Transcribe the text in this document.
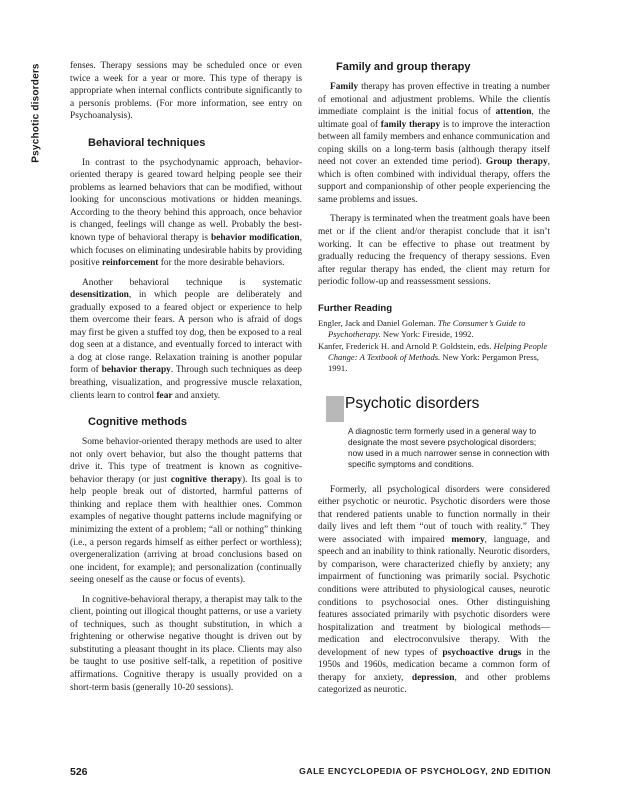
Psychotic disorders	fenses. Therapy sessions may be scheduled once or even twice a week for a year or more. This type of therapy is appropriate when internal conflicts contribute significantly to a personís problems. (For more information, see entry on Psychoanalysis).

Behavioral techniques

In contrast to the psychodynamic approach, behavior-oriented therapy is geared toward helping people see their problems as learned behaviors that can be modified, without looking for unconscious motivations or hidden meanings. According to the theory behind this approach, once behavior is changed, feelings will change as well. Probably the best-known type of behavioral therapy is behavior modification, which focuses on eliminating undesirable habits by providing positive reinforcement for the more desirable behaviors.

Another behavioral technique is systematic desensitization, in which people are deliberately and gradually exposed to a feared object or experience to help them overcome their fears. A person who is afraid of dogs may first be given a stuffed toy dog, then be exposed to a real dog seen at a distance, and eventually forced to interact with a dog at close range. Relaxation training is another popular form of behavior therapy. Through such techniques as deep breathing, visualization, and progressive muscle relaxation, clients learn to control fear and anxiety.

Cognitive methods

Some behavior-oriented therapy methods are used to alter not only overt behavior, but also the thought patterns that drive it. This type of treatment is known as cognitive-behavior therapy (or just cognitive therapy). Its goal is to help people break out of distorted, harmful patterns of thinking and replace them with healthier ones. Common examples of negative thought patterns include magnifying or minimizing the extent of a problem; “all or nothing” thinking (i.e., a person regards himself as either perfect or worthless); overgeneralization (arriving at broad conclusions based on one incident, for example); and personalization (continually seeing oneself as the cause or focus of events).

In cognitive-behavioral therapy, a therapist may talk to the client, pointing out illogical thought patterns, or use a variety of techniques, such as thought substitution, in which a frightening or otherwise negative thought is driven out by substituting a pleasant thought in its place. Clients may also be taught to use positive self-talk, a repetition of positive affirmations. Cognitive therapy is usually provided on a short-term basis (generally 10-20 sessions).

Family and group therapy

Family therapy has proven effective in treating a number of emotional and adjustment problems. While the clientís immediate complaint is the initial focus of attention, the ultimate goal of family therapy is to improve the interaction between all family members and enhance communication and coping skills on a long-term basis (although therapy itself need not cover an extended time period). Group therapy, which is often combined with individual therapy, offers the support and companionship of other people experiencing the same problems and issues.

Therapy is terminated when the treatment goals have been met or if the client and/or therapist conclude that it isn’t working. It can be effective to phase out treatment by gradually reducing the frequency of therapy sessions. Even after regular therapy has ended, the client may return for periodic follow-up and reassessment sessions.

Further Reading

Engler, Jack and Daniel Goleman. The Consumer’s Guide to Psychotherapy. New York: Fireside, 1992.

Kanfer, Frederick H. and Arnold P. Goldstein, eds. Helping People Change: A Textbook of Methods. New York: Pergamon Press, 1991.

Psychotic disorders
A diagnostic term formerly used in a general way to designate the most severe psychological disorders; now used in a much narrower sense in connection with specific symptoms and conditions.

Formerly, all psychological disorders were considered either psychotic or neurotic. Psychotic disorders were those that rendered patients unable to function normally in their daily lives and left them “out of touch with reality.” They were associated with impaired memory, language, and speech and an inability to think rationally. Neurotic disorders, by comparison, were characterized chiefly by anxiety; any impairment of functioning was primarily social. Psychotic conditions were attributed to physiological causes, neurotic conditions to psychosocial ones. Other distinguishing features associated primarily with psychotic disorders were hospitalization and treatment by biological methods—medication and electroconvulsive therapy. With the development of new types of psychoactive drugs in the 1950s and 1960s, medication became a common form of therapy for anxiety, depression, and other problems categorized as neurotic.

526	GALE ENCYCLOPEDIA OF PSYCHOLOGY, 2ND EDITION
